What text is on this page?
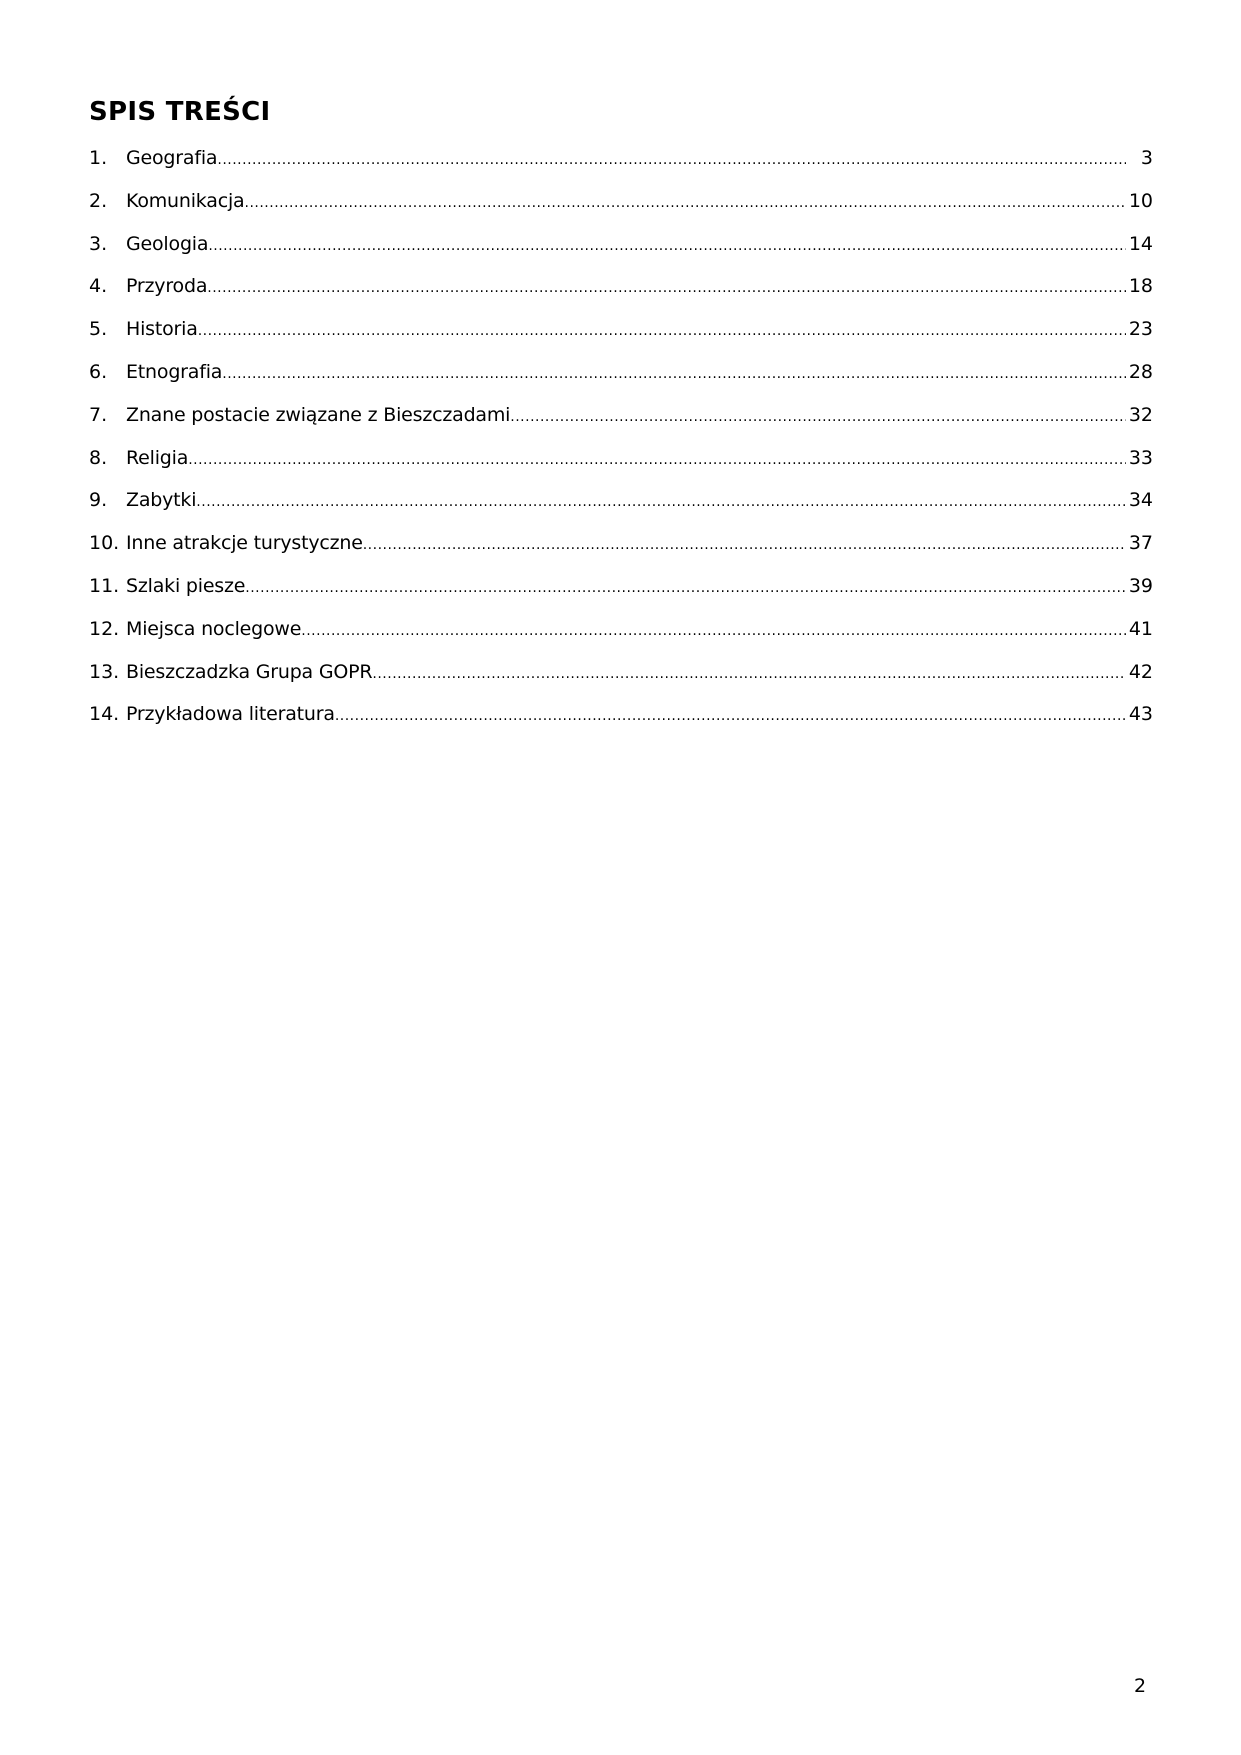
SPIS TREŚCI
1. Geografia .....	3
2. Komunikacja .....	10
3. Geologia .....	14
4. Przyroda .....	18
5. Historia .....	23
6. Etnografia .....	28
7. Znane postacie związane z Bieszczadami .....	32
8. Religia .....	33
9. Zabytki .....	34
10. Inne atrakcje turystyczne .....	37
11. Szlaki piesze .....	39
12. Miejsca noclegowe .....	41
13. Bieszczadzka Grupa GOPR .....	42
14. Przykładowa literatura .....	43
2
